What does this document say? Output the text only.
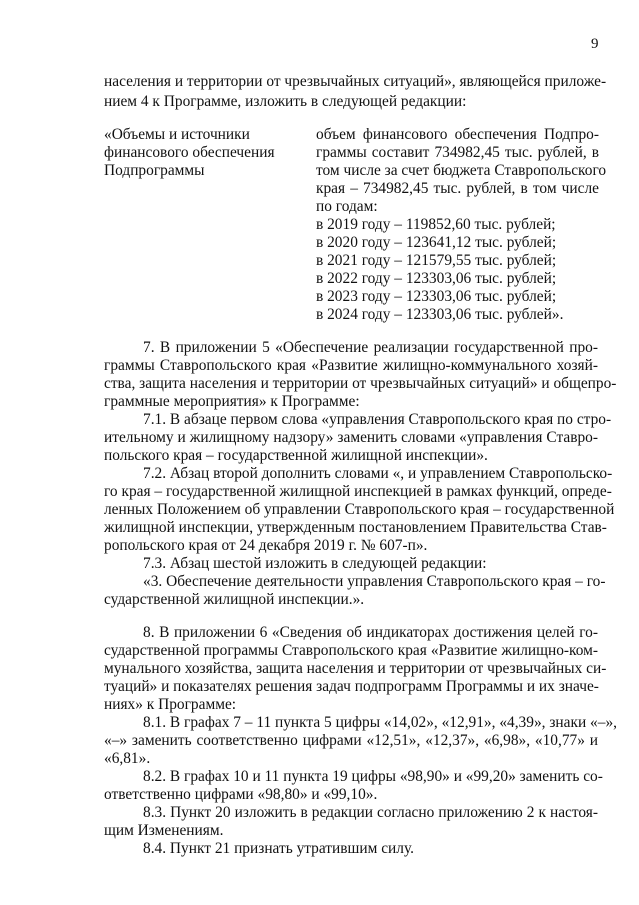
9

населения и территории от чрезвычайных ситуаций», являющейся приложе-

нием 4 к Программе, изложить в следующей редакции:

«Объемы и источники

финансового обеспечения

Подпрограммы

объем финансового обеспечения Подпро-

граммы составит 734982,45 тыс. рублей, в

том числе за счет бюджета Ставропольского

края – 734982,45 тыс. рублей, в том числе

по годам:

в 2019 году – 119852,60 тыс. рублей;

в 2020 году – 123641,12 тыс. рублей;

в 2021 году – 121579,55 тыс. рублей;

в 2022 году – 123303,06 тыс. рублей;

в 2023 году – 123303,06 тыс. рублей;

в 2024 году – 123303,06 тыс. рублей».

7. В приложении 5 «Обеспечение реализации государственной про-

граммы Ставропольского края «Развитие жилищно-коммунального хозяй-

ства, защита населения и территории от чрезвычайных ситуаций» и общепро-

граммные мероприятия» к Программе:

7.1. В абзаце первом слова «управления Ставропольского края по стро-

ительному и жилищному надзору» заменить словами «управления Ставро-

польского края – государственной жилищной инспекции».

7.2. Абзац второй дополнить словами «, и управлением Ставропольско-

го края – государственной жилищной инспекцией в рамках функций, опреде-

ленных Положением об управлении Ставропольского края – государственной

жилищной инспекции, утвержденным постановлением Правительства Став-

ропольского края от 24 декабря 2019 г. № 607-п».

7.3. Абзац шестой изложить в следующей редакции:

«3. Обеспечение деятельности управления Ставропольского края – го-

сударственной жилищной инспекции.».

8. В приложении 6 «Сведения об индикаторах достижения целей го-

сударственной программы Ставропольского края «Развитие жилищно-ком-

мунального хозяйства, защита населения и территории от чрезвычайных си-

туаций» и показателях решения задач подпрограмм Программы и их значе-

ниях» к Программе:

8.1. В графах 7 – 11 пункта 5 цифры «14,02», «12,91», «4,39», знаки «–»,

«–» заменить соответственно цифрами «12,51», «12,37», «6,98», «10,77» и

«6,81».

8.2. В графах 10 и 11 пункта 19 цифры «98,90» и «99,20» заменить со-

ответственно цифрами «98,80» и «99,10».

8.3. Пункт 20 изложить в редакции согласно приложению 2 к настоя-

щим Изменениям.

8.4. Пункт 21 признать утратившим силу.
